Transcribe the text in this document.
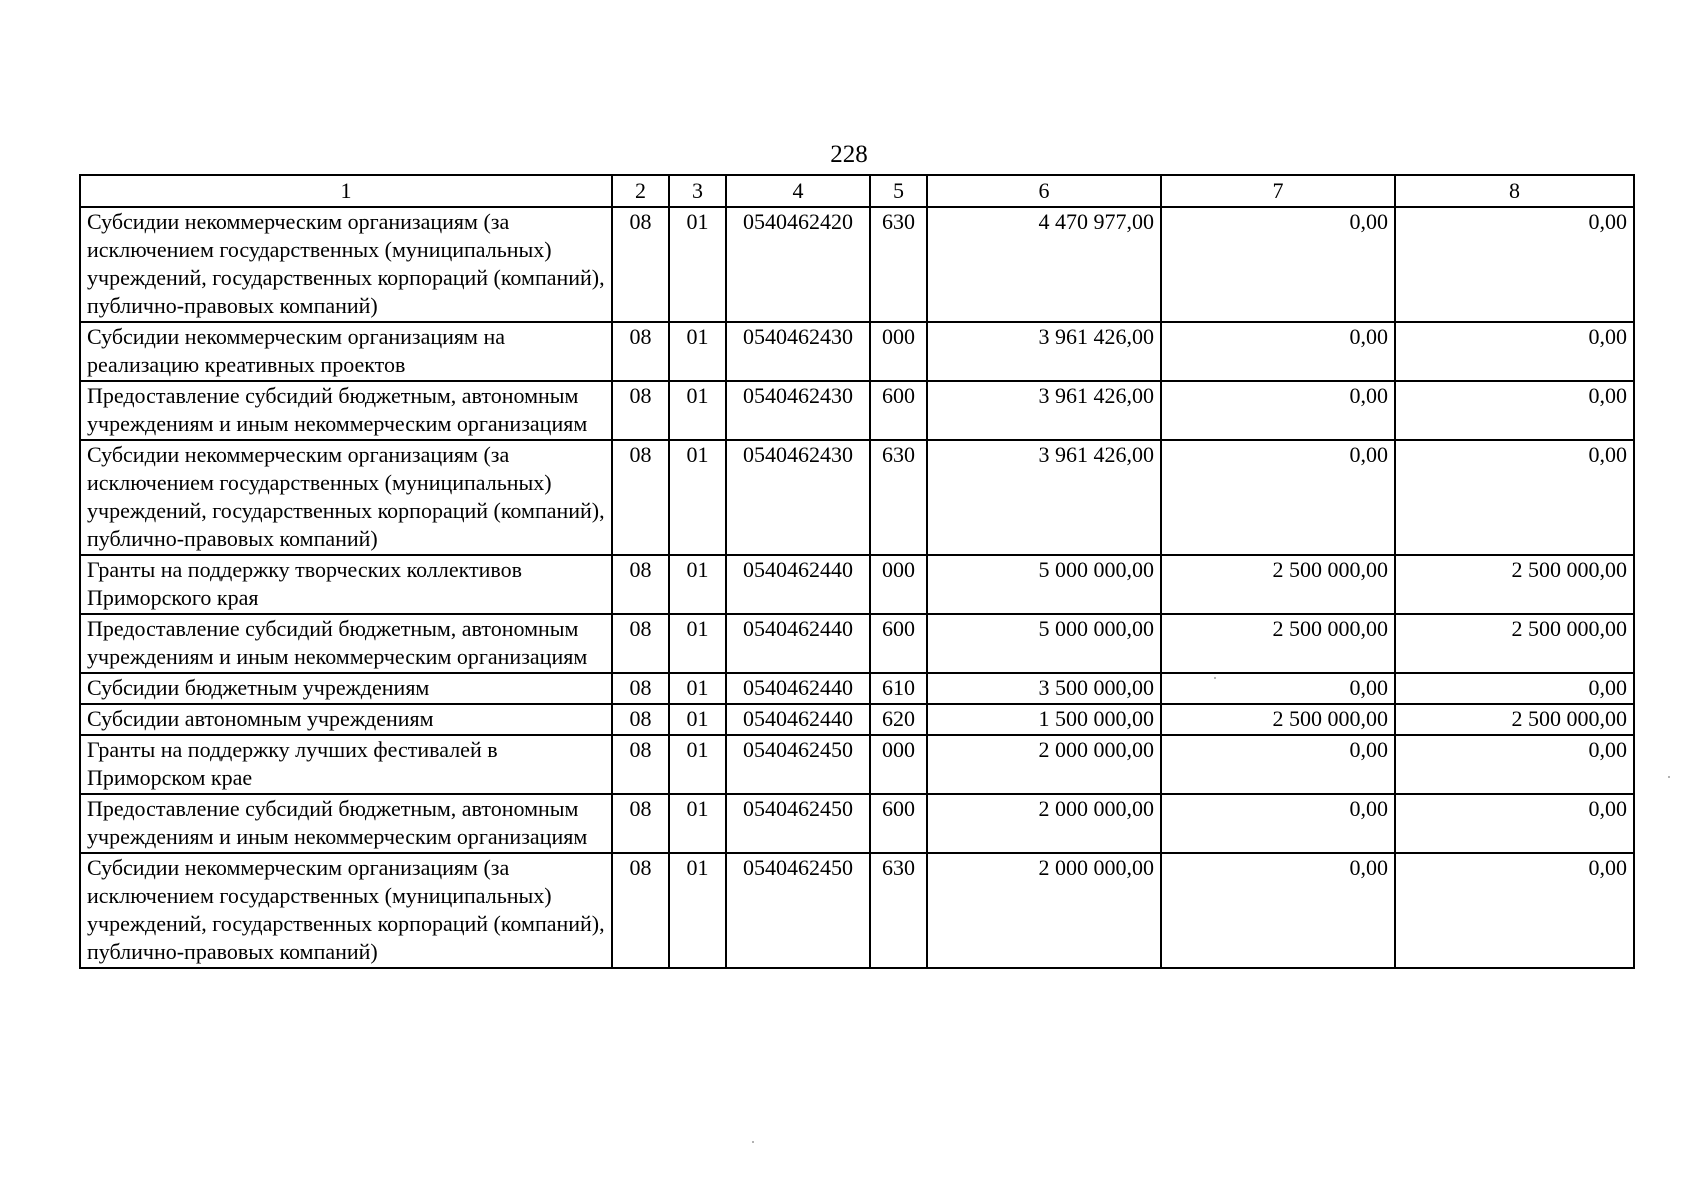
228
1	2	3	4	5	6	7	8
Субсидии некоммерческим организациям (за исключением государственных (муниципальных) учреждений, государственных корпораций (компаний), публично-правовых компаний)	08	01	0540462420	630	4 470 977,00	0,00	0,00
Субсидии некоммерческим организациям на реализацию креативных проектов	08	01	0540462430	000	3 961 426,00	0,00	0,00
Предоставление субсидий бюджетным, автономным учреждениям и иным некоммерческим организациям	08	01	0540462430	600	3 961 426,00	0,00	0,00
Субсидии некоммерческим организациям (за исключением государственных (муниципальных) учреждений, государственных корпораций (компаний), публично-правовых компаний)	08	01	0540462430	630	3 961 426,00	0,00	0,00
Гранты на поддержку творческих коллективов Приморского края	08	01	0540462440	000	5 000 000,00	2 500 000,00	2 500 000,00
Предоставление субсидий бюджетным, автономным учреждениям и иным некоммерческим организациям	08	01	0540462440	600	5 000 000,00	2 500 000,00	2 500 000,00
Субсидии бюджетным учреждениям	08	01	0540462440	610	3 500 000,00	0,00	0,00
Субсидии автономным учреждениям	08	01	0540462440	620	1 500 000,00	2 500 000,00	2 500 000,00
Гранты на поддержку лучших фестивалей в Приморском крае	08	01	0540462450	000	2 000 000,00	0,00	0,00
Предоставление субсидий бюджетным, автономным учреждениям и иным некоммерческим организациям	08	01	0540462450	600	2 000 000,00	0,00	0,00
Субсидии некоммерческим организациям (за исключением государственных (муниципальных) учреждений, государственных корпораций (компаний), публично-правовых компаний)	08	01	0540462450	630	2 000 000,00	0,00	0,00
